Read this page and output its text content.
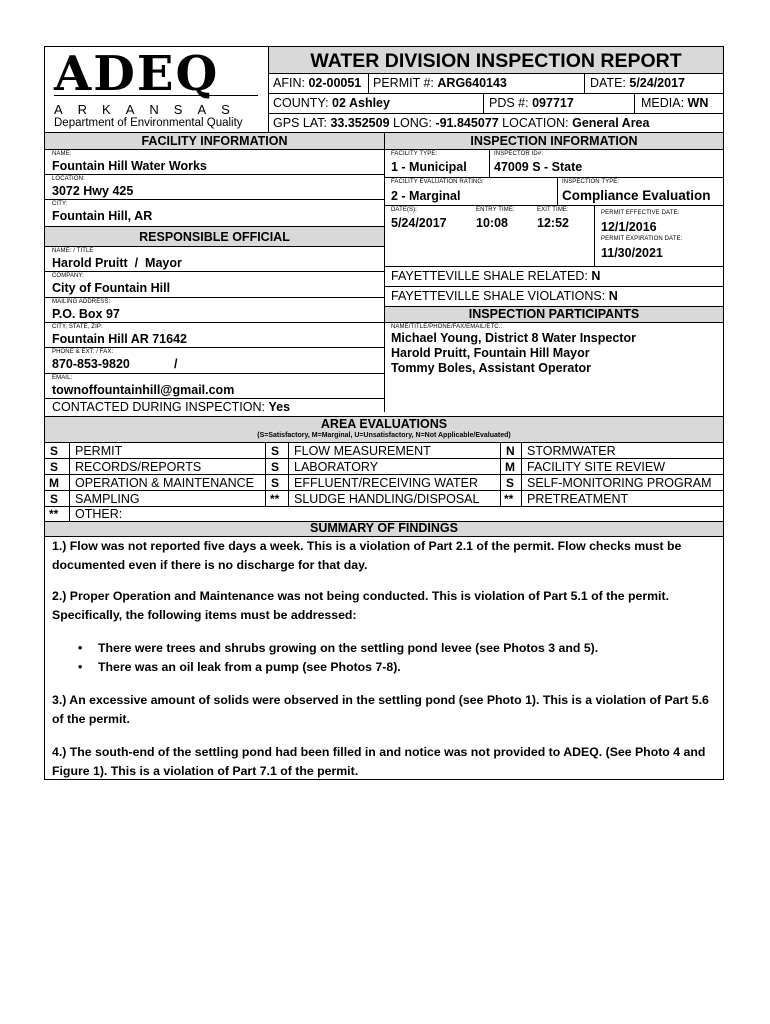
ADEQ
ARKANSAS
Department of Environmental Quality
WATER DIVISION INSPECTION REPORT
AFIN: 02-00051 PERMIT #: ARG640143	DATE: 5/24/2017
COUNTY: 02 Ashley	PDS #: 097717	MEDIA: WN
GPS LAT: 33.352509 LONG: -91.845077 LOCATION: General Area
FACILITY INFORMATION	INSPECTION INFORMATION
NAME:
Fountain Hill Water Works
LOCATION:
3072 Hwy 425
CITY:
Fountain Hill, AR
RESPONSIBLE OFFICIAL
NAME: / TITLE
Harold Pruitt  /  Mayor
COMPANY:
City of Fountain Hill
MAILING ADDRESS:
P.O. Box 97
CITY, STATE, ZIP:
Fountain Hill AR 71642
PHONE & EXT: / FAX:
870-853-9820	/
EMAIL:
townoffountainhill@gmail.com
CONTACTED DURING INSPECTION: Yes
FACILITY TYPE:
1 - Municipal
INSPECTOR ID#:
47009 S - State
FACILITY EVALUATION RATING:
2 - Marginal
INSPECTION TYPE:
Compliance Evaluation
DATE(S):
5/24/2017
ENTRY TIME:
10:08
EXIT TIME:
12:52
PERMIT EFFECTIVE DATE:
12/1/2016
PERMIT EXPIRATION DATE:
11/30/2021
FAYETTEVILLE SHALE RELATED: N
FAYETTEVILLE SHALE VIOLATIONS: N
INSPECTION PARTICIPANTS
NAME/TITLE/PHONE/FAX/EMAIL/ETC.:
Michael Young, District 8 Water Inspector
Harold Pruitt, Fountain Hill Mayor
Tommy Boles, Assistant Operator
AREA EVALUATIONS
(S=Satisfactory, M=Marginal, U=Unsatisfactory, N=Not Applicable/Evaluated)
S PERMIT	S FLOW MEASUREMENT	N STORMWATER
S RECORDS/REPORTS	S LABORATORY	M FACILITY SITE REVIEW
M OPERATION & MAINTENANCE S EFFLUENT/RECEIVING WATER S SELF-MONITORING PROGRAM
S SAMPLING	** SLUDGE HANDLING/DISPOSAL ** PRETREATMENT
** OTHER:
SUMMARY OF FINDINGS
1.) Flow was not reported five days a week. This is a violation of Part 2.1 of the permit. Flow checks must be documented even if there is no discharge for that day.
2.) Proper Operation and Maintenance was not being conducted. This is violation of Part 5.1 of the permit. Specifically, the following items must be addressed:
• There were trees and shrubs growing on the settling pond levee (see Photos 3 and 5).
• There was an oil leak from a pump (see Photos 7-8).
3.) An excessive amount of solids were observed in the settling pond (see Photo 1). This is a violation of Part 5.6 of the permit.
4.) The south-end of the settling pond had been filled in and notice was not provided to ADEQ. (See Photo 4 and Figure 1). This is a violation of Part 7.1 of the permit.
